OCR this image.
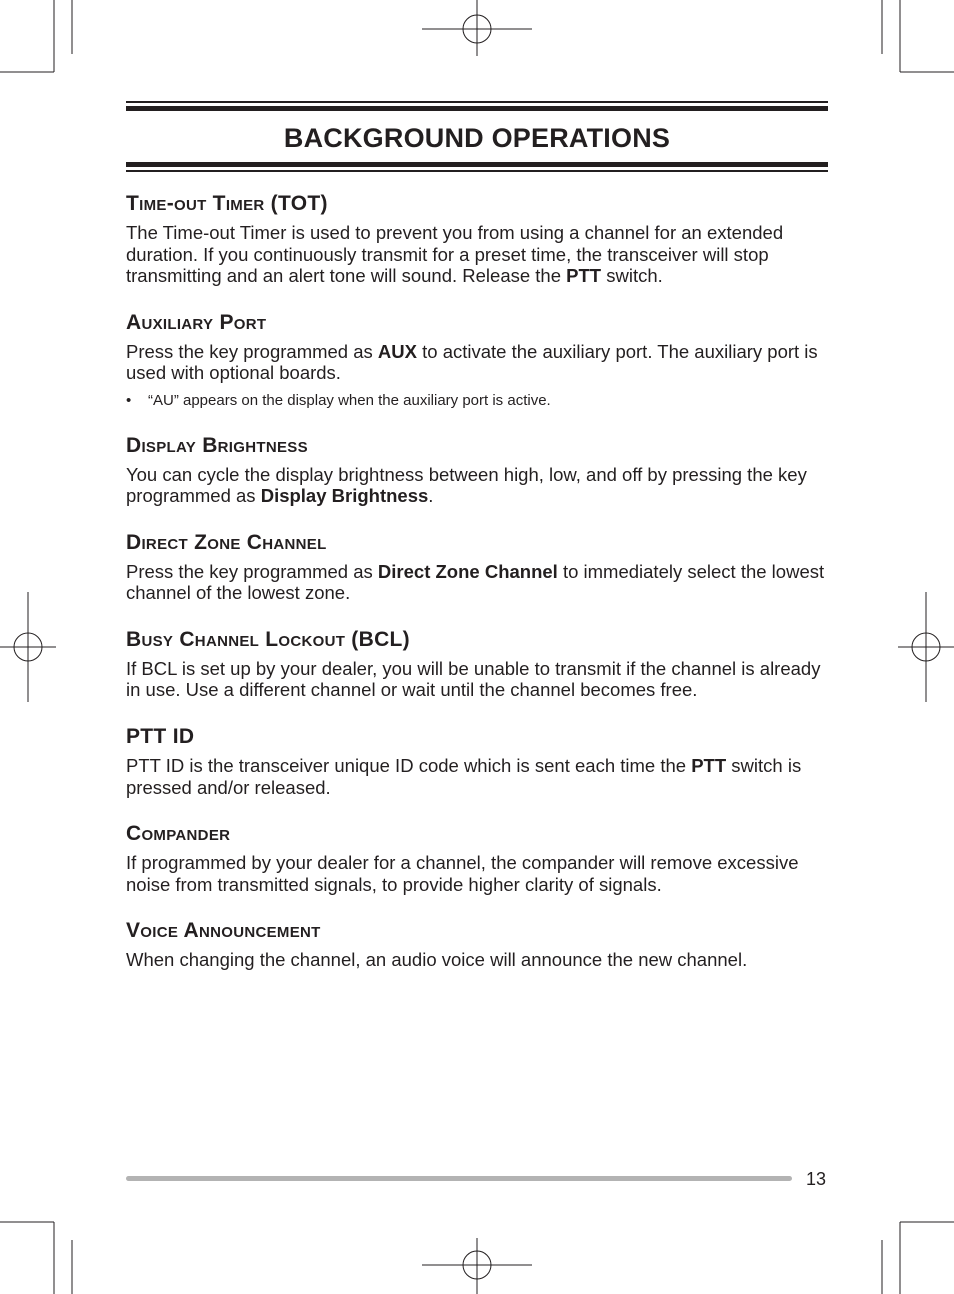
BACKGROUND OPERATIONS
Time-out Timer (TOT)

The Time-out Timer is used to prevent you from using a channel for an extended duration. If you continuously transmit for a preset time, the transceiver will stop transmitting and an alert tone will sound. Release the PTT switch.

Auxiliary Port

Press the key programmed as AUX to activate the auxiliary port. The auxiliary port is used with optional boards.

•	“AU” appears on the display when the auxiliary port is active.
Display Brightness

You can cycle the display brightness between high, low, and off by pressing the key programmed as Display Brightness.

Direct Zone Channel

Press the key programmed as Direct Zone Channel to immediately select the lowest channel of the lowest zone.

Busy Channel Lockout (BCL)

If BCL is set up by your dealer, you will be unable to transmit if the channel is already in use. Use a different channel or wait until the channel becomes free.

PTT ID

PTT ID is the transceiver unique ID code which is sent each time the PTT switch is pressed and/or released.

Compander

If programmed by your dealer for a channel, the compander will remove excessive noise from transmitted signals, to provide higher clarity of signals.

Voice Announcement

When changing the channel, an audio voice will announce the new channel.

13
